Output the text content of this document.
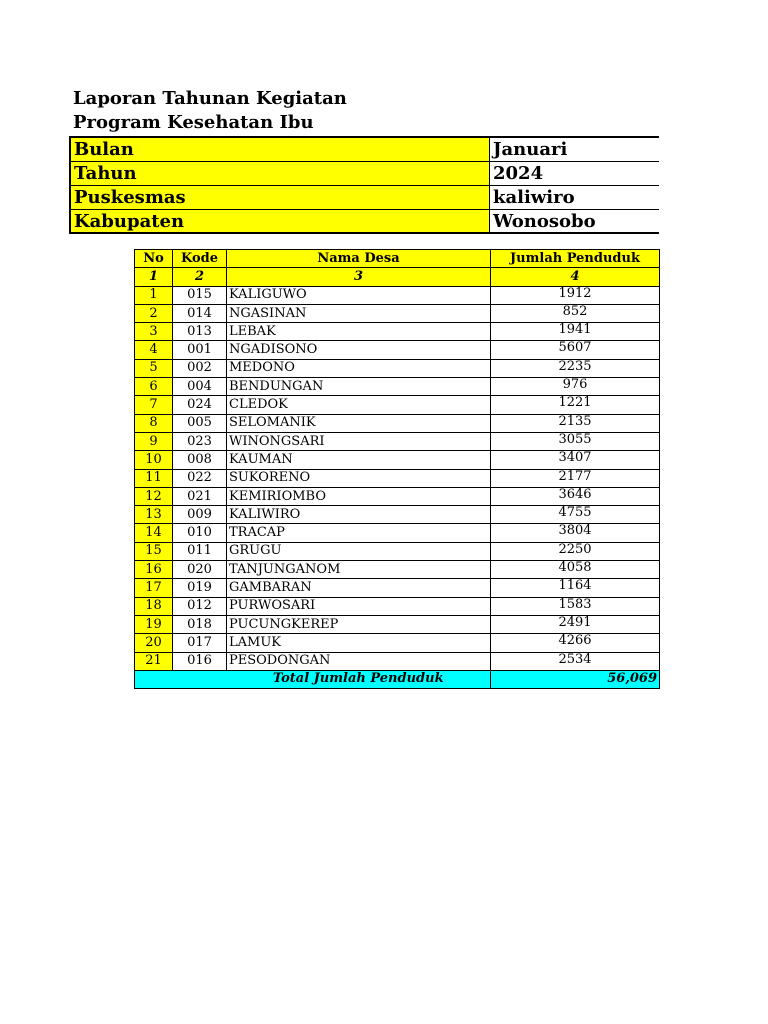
Laporan Tahunan Kegiatan
Program Kesehatan Ibu
Bulan	Januari
Tahun	2024
Puskesmas	kaliwiro
Kabupaten	Wonosobo
No	Kode	Nama Desa	Jumlah Penduduk
1	2	3	4
1	015	KALIGUWO	1912
2	014	NGASINAN	852
3	013	LEBAK	1941
4	001	NGADISONO	5607
5	002	MEDONO	2235
6	004	BENDUNGAN	976
7	024	CLEDOK	1221
8	005	SELOMANIK	2135
9	023	WINONGSARI	3055
10	008	KAUMAN	3407
11	022	SUKORENO	2177
12	021	KEMIRIOMBO	3646
13	009	KALIWIRO	4755
14	010	TRACAP	3804
15	011	GRUGU	2250
16	020	TANJUNGANOM	4058
17	019	GAMBARAN	1164
18	012	PURWOSARI	1583
19	018	PUCUNGKEREP	2491
20	017	LAMUK	4266
21	016	PESODONGAN	2534
		Total Jumlah Penduduk	56,069
